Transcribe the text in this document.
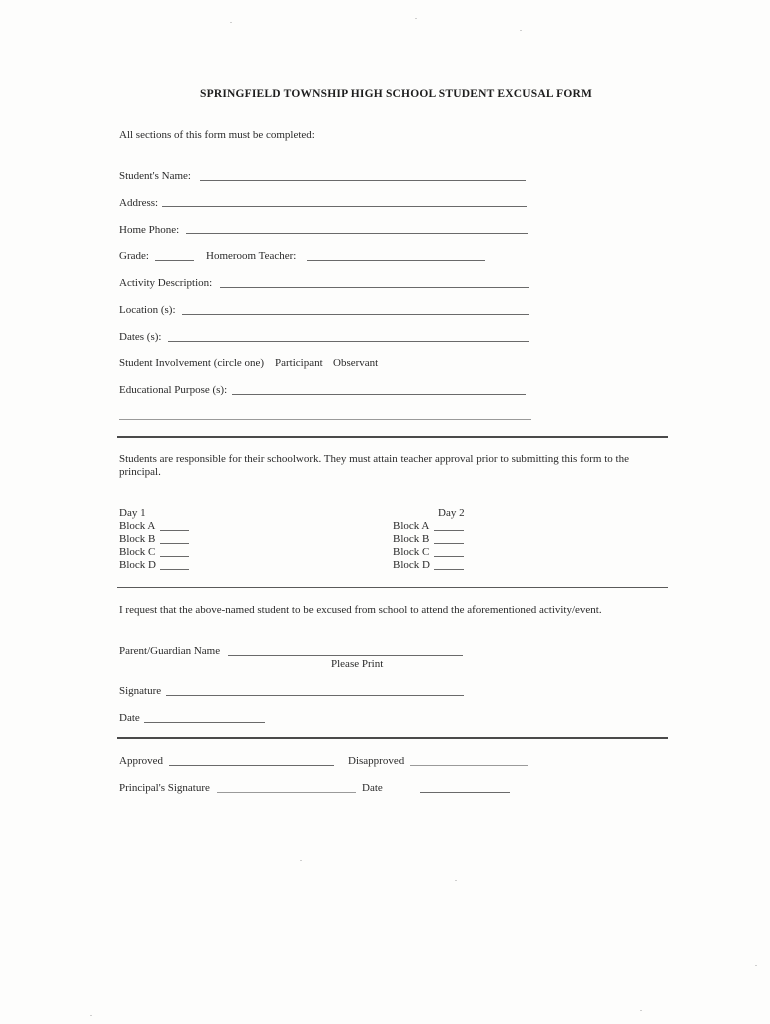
SPRINGFIELD TOWNSHIP HIGH SCHOOL STUDENT EXCUSAL FORM
All sections of this form must be completed:
Student's Name:
Address:
Home Phone:
Grade:	Homeroom Teacher:
Activity Description:
Location (s):
Dates (s):
Student Involvement (circle one) Participant Observant
Educational Purpose (s):
Students are responsible for their schoolwork. They must attain teacher approval prior to submitting this form to the principal.
Day 1
Block A
Block B
Block C
Block D
Day 2
Block A
Block B
Block C
Block D
I request that the above-named student to be excused from school to attend the aforementioned activity/event.
Parent/Guardian Name
Please Print
Signature
Date
Approved	Disapproved
Principal's Signature	Date
